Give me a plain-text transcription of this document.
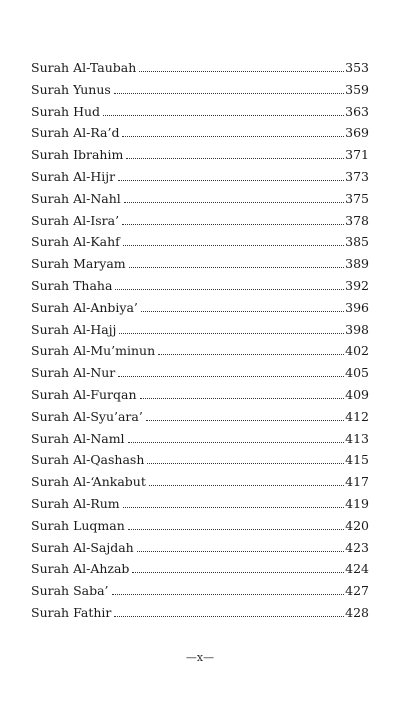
Surah Al-Taubah	353
Surah Yunus	359
Surah Hud	363
Surah Al-Ra’d	369
Surah Ibrahim	371
Surah Al-Hijr	373
Surah Al-Nahl	375
Surah Al-Isra’	378
Surah Al-Kahf	385
Surah Maryam	389
Surah Thaha	392
Surah Al-Anbiya’	396
Surah Al-Hajj	398
Surah Al-Mu’minun	402
Surah Al-Nur	405
Surah Al-Furqan	409
Surah Al-Syu’ara’	412
Surah Al-Naml	413
Surah Al-Qashash	415
Surah Al-‘Ankabut	417
Surah Al-Rum	419
Surah Luqman	420
Surah Al-Sajdah	423
Surah Al-Ahzab	424
Surah Saba’	427
Surah Fathir	428
—x—
